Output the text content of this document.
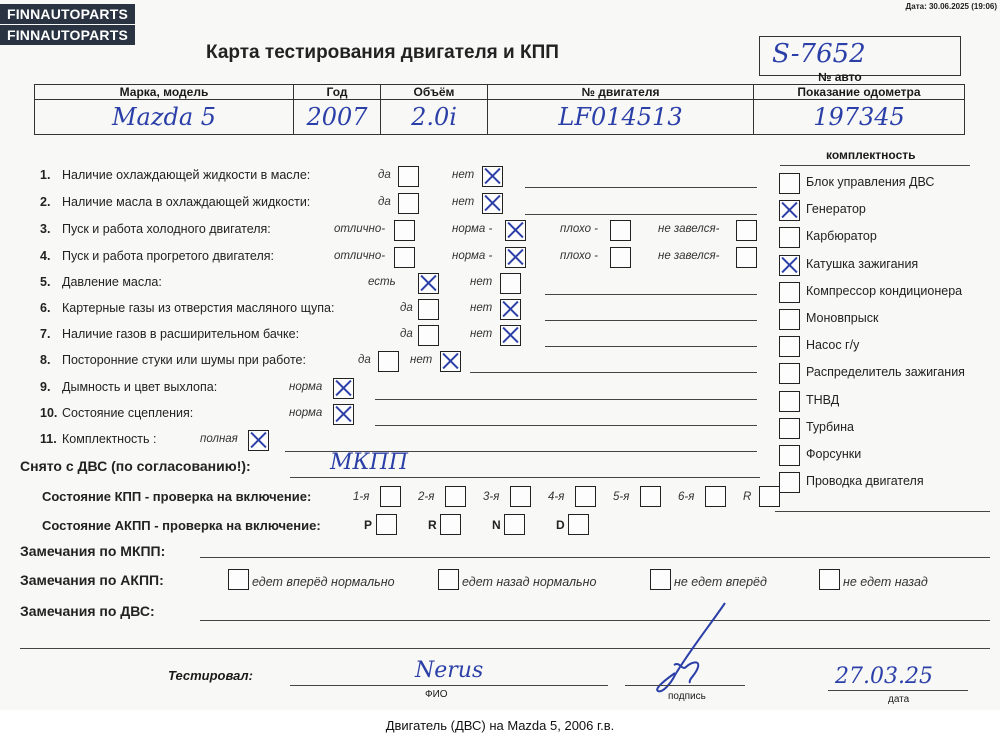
FINNAUTOPARTS
FINNAUTOPARTS
Дата: 30.06.2025 (19:06)
Карта тестирования двигателя и КПП	S-7652
№ авто
Марка, модель	Год	Объём	№ двигателя	Показание одометра
Mazda 5	2007	2.0i	LF014513	197345
1. Наличие охлаждающей жидкости в масле:	да	нет
2. Наличие масла в охлаждающей жидкости:	да	нет
3. Пуск и работа холодного двигателя:	отлично-	норма -	плохо -	не завелся-
4. Пуск и работа прогретого двигателя:	отлично-	норма -	плохо -	не завелся-
5. Давление масла:	есть	нет
6. Картерные газы из отверстия масляного щупа:	да	нет
7. Наличие газов в расширительном бачке:	да	нет
8. Посторонние стуки или шумы при работе:	да	нет
9. Дымность и цвет выхлопа:	норма
10. Состояние сцепления:	норма
11. Комплектность :	полная
комплектность
Блок управления ДВС
Генератор
Карбюратор
Катушка зажигания
Компрессор кондиционера
Моновпрыск
Насос г/у
Распределитель зажигания
ТНВД
Турбина
Форсунки
Проводка двигателя
Снято с ДВС (по согласованию!):	МКПП
Состояние КПП - проверка на включение:	1-я	2-я	3-я	4-я	5-я	6-я	R
Состояние АКПП - проверка на включение:	P	R	N	D
Замечания по МКПП:
Замечания по АКПП:	едет вперёд нормально	едет назад нормально	не едет вперёд	не едет назад
Замечания по ДВС:
Тестировал:	Nerus
ФИО	подпись
27.03.25
дата
Двигатель (ДВС) на Mazda 5, 2006 г.в.
